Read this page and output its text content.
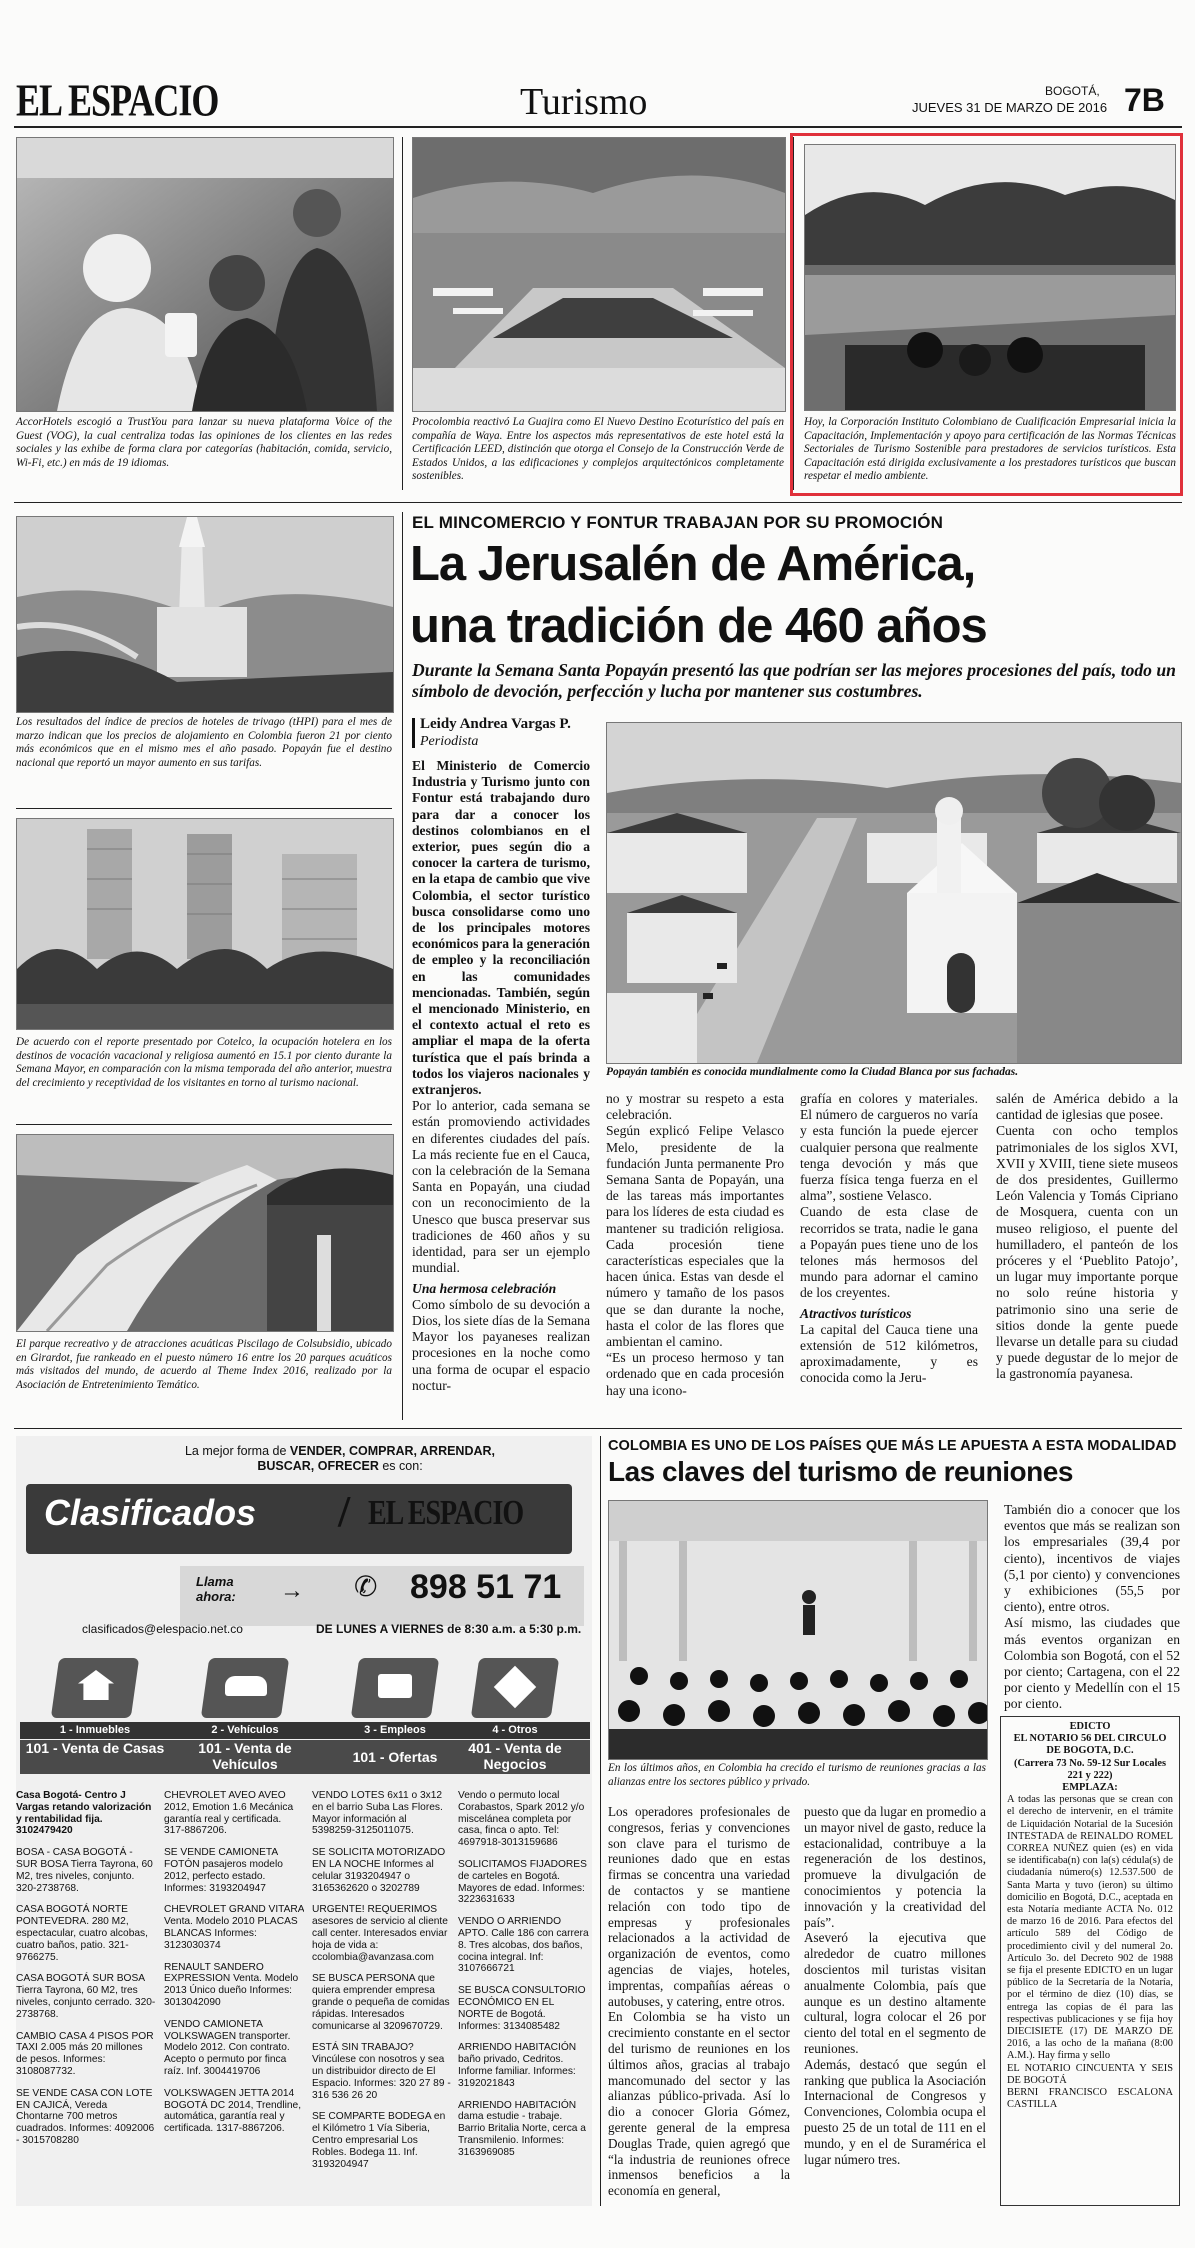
EL ESPACIO	Turismo	BOGOTÁ,
JUEVES 31 DE MARZO DE 2016 7B
AccorHotels escogió a TrustYou para lanzar su nueva plataforma Voice of the Guest (VOG), la cual centraliza todas las opiniones de los clientes en las redes sociales y las exhibe de forma clara por categorías (habitación, comida, servicio, Wi-Fi, etc.) en más de 19 idiomas.
Procolombia reactivó La Guajira como El Nuevo Destino Ecoturístico del país en compañía de Waya. Entre los aspectos más representativos de este hotel está la Certificación LEED, distinción que otorga el Consejo de la Construcción Verde de Estados Unidos, a las edificaciones y complejos arquitectónicos completamente sostenibles.
Hoy, la Corporación Instituto Colombiano de Cualificación Empresarial inicia la Capacitación, Implementación y apoyo para certificación de las Normas Técnicas Sectoriales de Turismo Sostenible para prestadores de servicios turísticos. Esta Capacitación está dirigida exclusivamente a los prestadores turísticos que buscan respetar el medio ambiente.
Los resultados del índice de precios de hoteles de trivago (tHPI) para el mes de marzo indican que los precios de alojamiento en Colombia fueron 21 por ciento más económicos que en el mismo mes el año pasado. Popayán fue el destino nacional que reportó un mayor aumento en sus tarifas.
De acuerdo con el reporte presentado por Cotelco, la ocupación hotelera en los destinos de vocación vacacional y religiosa aumentó en 15.1 por ciento durante la Semana Mayor, en comparación con la misma temporada del año anterior, muestra del crecimiento y receptividad de los visitantes en torno al turismo nacional.
El parque recreativo y de atracciones acuáticas Piscilago de Colsubsidio, ubicado en Girardot, fue rankeado en el puesto número 16 entre los 20 parques acuáticos más visitados del mundo, de acuerdo al Theme Index 2016, realizado por la Asociación de Entretenimiento Temático.
EL MINCOMERCIO Y FONTUR TRABAJAN POR SU PROMOCIÓN
La Jerusalén de América,
una tradición de 460 años
Durante la Semana Santa Popayán presentó las que podrían ser las mejores procesiones del país, todo un símbolo de devoción, perfección y lucha por mantener sus costumbres.
Leidy Andrea Vargas P.
Periodista

El Ministerio de Comercio Industria y Turismo junto con Fontur está trabajando duro para dar a conocer los destinos colombianos en el exterior, pues según dio a conocer la cartera de turismo, en la etapa de cambio que vive Colombia, el sector turístico busca consolidarse como uno de los principales motores económicos para la generación de empleo y la reconciliación en las comunidades mencionadas. También, según el mencionado Ministerio, en el contexto actual el reto es ampliar el mapa de la oferta turística que el país brinda a todos los viajeros nacionales y extranjeros.

Por lo anterior, cada semana se están promoviendo actividades en diferentes ciudades del país. La más reciente fue en el Cauca, con la celebración de la Semana Santa en Popayán, una ciudad con un reconocimiento de la Unesco que busca preservar sus tradiciones de 460 años y su identidad, para ser un ejemplo mundial.

Una hermosa celebración

Como símbolo de su devoción a Dios, los siete días de la Semana Mayor los payaneses realizan procesiones en la noche como una forma de ocupar el espacio noctur-

Popayán también es conocida mundialmente como la Ciudad Blanca por sus fachadas.

no y mostrar su respeto a esta celebración.

Según explicó Felipe Velasco Melo, presidente de la fundación Junta permanente Pro Semana Santa de Popayán, una de las tareas más importantes para los líderes de esta ciudad es mantener su tradición religiosa. Cada procesión tiene características especiales que la hacen única. Estas van desde el número y tamaño de los pasos que se dan durante la noche, hasta el color de las flores que ambientan el camino.

“Es un proceso hermoso y tan ordenado que en cada procesión hay una icono-

grafía en colores y materiales. El número de cargueros no varía y esta función la puede ejercer cualquier persona que realmente tenga devoción y más que fuerza física tenga fuerza en el alma”, sostiene Velasco.

Cuando de esta clase de recorridos se trata, nadie le gana a Popayán pues tiene uno de los telones más hermosos del mundo para adornar el camino de los creyentes.

Atractivos turísticos

La capital del Cauca tiene una extensión de 512 kilómetros, aproximadamente, y es conocida como la Jeru-

salén de América debido a la cantidad de iglesias que posee.

Cuenta con ocho templos patrimoniales de los siglos XVI, XVII y XVIII, tiene siete museos de dos presidentes, Guillermo León Valencia y Tomás Cipriano de Mosquera, cuenta con un museo religioso, el puente del humilladero, el panteón de los próceres y el ‘Pueblito Patojo’, un lugar muy importante porque no solo reúne historia y patrimonio sino una serie de sitios donde la gente puede llevarse un detalle para su ciudad y puede degustar de lo mejor de la gastronomía payanesa.

La mejor forma de VENDER, COMPRAR, ARRENDAR,
BUSCAR, OFRECER es con:
Clasificados / EL ESPACIO
Llama ahora:	→ ✆ 898 51 71
clasificados@elespacio.net.co	DE LUNES A VIERNES de 8:30 a.m. a 5:30 p.m.
1 - Inmuebles
101 - Venta de Casas
2 - Vehículos
101 - Venta de Vehículos
3 - Empleos
101 - Ofertas
4 - Otros
401 - Venta de Negocios
Casa Bogotá- Centro J Vargas retando valorización y rentabilidad fija. 3102479420
BOSA - CASA BOGOTÁ - SUR BOSA Tierra Tayrona, 60 M2, tres niveles, conjunto. 320-2738768.
CASA BOGOTÁ NORTE PONTEVEDRA. 280 M2, espectacular, cuatro alcobas, cuatro baños, patio. 321-9766275.
CASA BOGOTÁ SUR BOSA Tierra Tayrona, 60 M2, tres niveles, conjunto cerrado. 320-2738768.
CAMBIO CASA 4 PISOS POR TAXI 2.005 más 20 millones de pesos. Informes: 3108087732.
SE VENDE CASA CON LOTE EN CAJICÁ, Vereda Chontarne 700 metros cuadrados. Informes: 4092006 - 3015708280
CHEVROLET AVEO AVEO 2012, Emotion 1.6 Mecánica garantía real y certificada. 317-8867206.
SE VENDE CAMIONETA FOTÓN pasajeros modelo 2012, perfecto estado. Informes: 3193204947
CHEVROLET GRAND VITARA Venta. Modelo 2010 PLACAS BLANCAS Informes: 3123030374
RENAULT SANDERO EXPRESSION Venta. Modelo 2013 Único dueño Informes: 3013042090
VENDO CAMIONETA VOLKSWAGEN transporter. Modelo 2012. Con contrato. Acepto o permuto por finca raíz. Inf. 3004419706
VOLKSWAGEN JETTA 2014 BOGOTÁ DC 2014, Trendline, automática, garantía real y certificada. 1317-8867206.
VENDO LOTES 6x11 o 3x12 en el barrio Suba Las Flores. Mayor información al 5398259-3125011075.
SE SOLICITA MOTORIZADO EN LA NOCHE Informes al celular 3193204947 o 3165362620 o 3202789
URGENTE! REQUERIMOS asesores de servicio al cliente call center. Interesados enviar hoja de vida a: ccolombia@avanzasa.com
SE BUSCA PERSONA que quiera emprender empresa grande o pequeña de comidas rápidas. Interesados comunicarse al 3209670729.
ESTÁ SIN TRABAJO? Vincúlese con nosotros y sea un distribuidor directo de El Espacio. Informes: 320 27 89 - 316 536 26 20
SE COMPARTE BODEGA en el Kilómetro 1 Vía Siberia, Centro empresarial Los Robles. Bodega 11. Inf. 3193204947
Vendo o permuto local Corabastos, Spark 2012 y/o miscelánea completa por casa, finca o apto. Tel: 4697918-3013159686
SOLICITAMOS FIJADORES de carteles en Bogotá. Mayores de edad. Informes: 3223631633
VENDO O ARRIENDO APTO. Calle 186 con carrera 8. Tres alcobas, dos baños, cocina integral. Inf: 3107666721
SE BUSCA CONSULTORIO ECONÓMICO EN EL NORTE de Bogotá. Informes: 3134085482
ARRIENDO HABITACIÓN baño privado, Cedritos. Informe familiar. Informes: 3192021843
ARRIENDO HABITACIÓN dama estudie - trabaje. Barrio Britalia Norte, cerca a Transmilenio. Informes: 3163969085
COLOMBIA ES UNO DE LOS PAÍSES QUE MÁS LE APUESTA A ESTA MODALIDAD
Las claves del turismo de reuniones
En los últimos años, en Colombia ha crecido el turismo de reuniones gracias a las alianzas entre los sectores público y privado.

También dio a conocer que los eventos que más se realizan son los empresariales (39,4 por ciento), incentivos de viajes (5,1 por ciento) y convenciones y exhibiciones (55,5 por ciento), entre otros.

Así mismo, las ciudades que más eventos organizan en Colombia son Bogotá, con el 52 por ciento; Cartagena, con el 22 por ciento y Medellín con el 15 por ciento.

Los operadores profesionales de congresos, ferias y convenciones son clave para el turismo de reuniones dado que en estas firmas se concentra una variedad de contactos y se mantiene relación con todo tipo de empresas y profesionales relacionados a la actividad de organización de eventos, como agencias de viajes, hoteles, imprentas, compañías aéreas o autobuses, y catering, entre otros.

En Colombia se ha visto un crecimiento constante en el sector del turismo de reuniones en los últimos años, gracias al trabajo mancomunado del sector y las alianzas público-privada. Así lo dio a conocer Gloria Gómez, gerente general de la empresa Douglas Trade, quien agregó que “la industria de reuniones ofrece inmensos beneficios a la economía en general,

puesto que da lugar en promedio a un mayor nivel de gasto, reduce la estacionalidad, contribuye a la regeneración de los destinos, promueve la divulgación de conocimientos y potencia la innovación y la creatividad del país”.

Aseveró la ejecutiva que alrededor de cuatro millones doscientos mil turistas visitan anualmente Colombia, país que aunque es un destino altamente cultural, logra colocar el 26 por ciento del total en el segmento de reuniones.

Además, destacó que según el ranking que publica la Asociación Internacional de Congresos y Convenciones, Colombia ocupa el puesto 25 de un total de 111 en el mundo, y en el de Suramérica el lugar número tres.

EDICTO
EL NOTARIO 56 DEL CIRCULO DE BOGOTA, D.C.
(Carrera 73 No. 59-12 Sur Locales 221 y 222)
EMPLAZA:
A todas las personas que se crean con el derecho de intervenir, en el trámite de Liquidación Notarial de la Sucesión INTESTADA de REINALDO ROMEL CORREA NUÑEZ quien (es) en vida se identificaba(n) con la(s) cédula(s) de ciudadanía número(s) 12.537.500 de Santa Marta y tuvo (ieron) su último domicilio en Bogotá, D.C., aceptada en esta Notaría mediante ACTA No. 012 de marzo 16 de 2016. Para efectos del artículo 589 del Código de procedimiento civil y del numeral 2o. Artículo 3o. del Decreto 902 de 1988 se fija el presente EDICTO en un lugar público de la Secretaría de la Notaría, por el término de diez (10) días, se entrega las copias de él para las respectivas publicaciones y se fija hoy DIECISIETE (17) DE MARZO DE 2016, a las ocho de la mañana (8:00 A.M.). Hay firma y sello
EL NOTARIO CINCUENTA Y SEIS DE BOGOTÁ
BERNI FRANCISCO ESCALONA CASTILLA
